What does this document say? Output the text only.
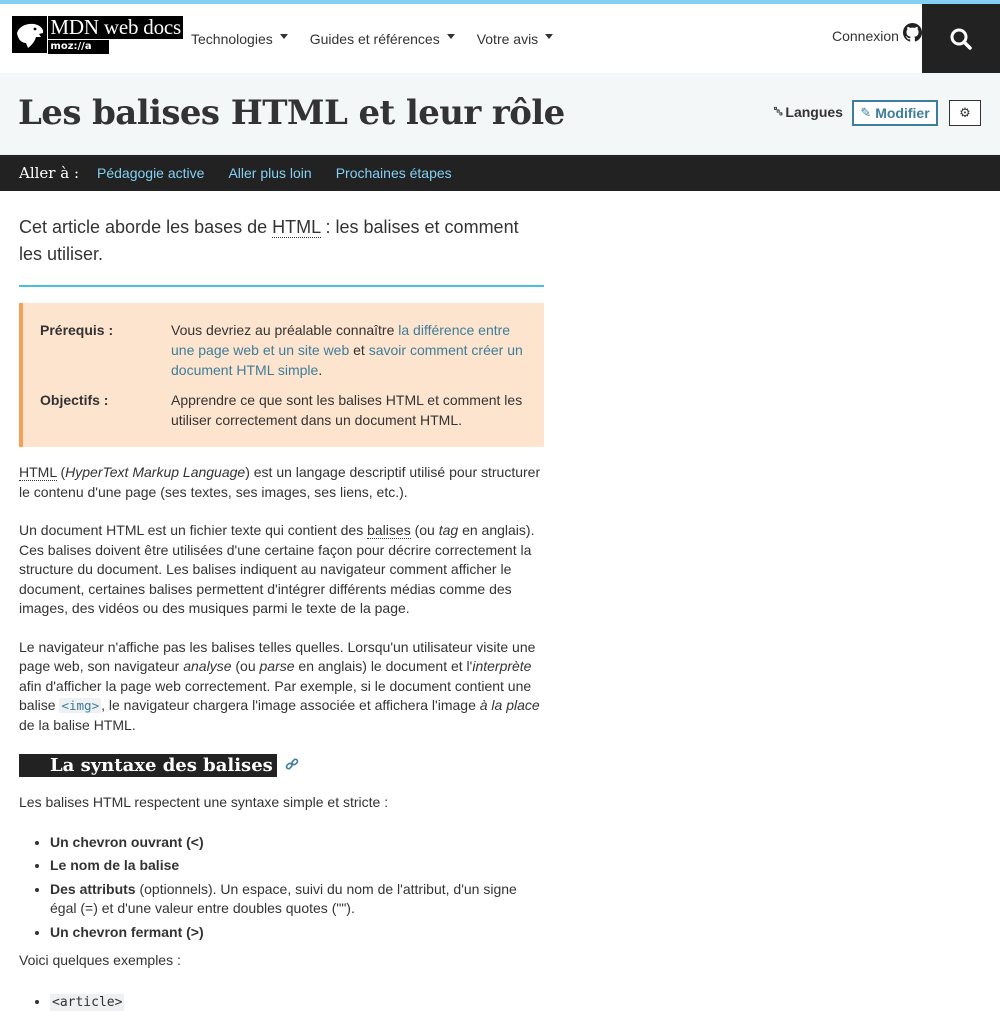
MDN web docs
moz://a	Technologies	Guides et références	Votre avis	Connexion
Les balises HTML et leur rôle	🔤︎ Langues ✎ Modifier ⚙
Aller à : Pédagogie active Aller plus loin Prochaines étapes

Cet article aborde les bases de HTML : les balises et comment les utiliser.

Prérequis :	Vous devriez au préalable connaître la différence entre une page web et un site web et savoir comment créer un document HTML simple.
Objectifs :	Apprendre ce que sont les balises HTML et comment les utiliser correctement dans un document HTML.

HTML (HyperText Markup Language) est un langage descriptif utilisé pour structurer le contenu d'une page (ses textes, ses images, ses liens, etc.).

Un document HTML est un fichier texte qui contient des balises (ou tag en anglais). Ces balises doivent être utilisées d'une certaine façon pour décrire correctement la structure du document. Les balises indiquent au navigateur comment afficher le document, certaines balises permettent d'intégrer différents médias comme des images, des vidéos ou des musiques parmi le texte de la page.

Le navigateur n'affiche pas les balises telles quelles. Lorsqu'un utilisateur visite une page web, son navigateur analyse (ou parse en anglais) le document et l'interprète afin d'afficher la page web correctement. Par exemple, si le document contient une balise <img> , le navigateur chargera l'image associée et affichera l'image à la place de la balise HTML.

La syntaxe des balises

Les balises HTML respectent une syntaxe simple et stricte :

• Un chevron ouvrant (<)
• Le nom de la balise
• Des attributs (optionnels). Un espace, suivi du nom de l'attribut, d'un signe égal (=) et d'une valeur entre doubles quotes ("").
• Un chevron fermant (>)

Voici quelques exemples :

• <article>
